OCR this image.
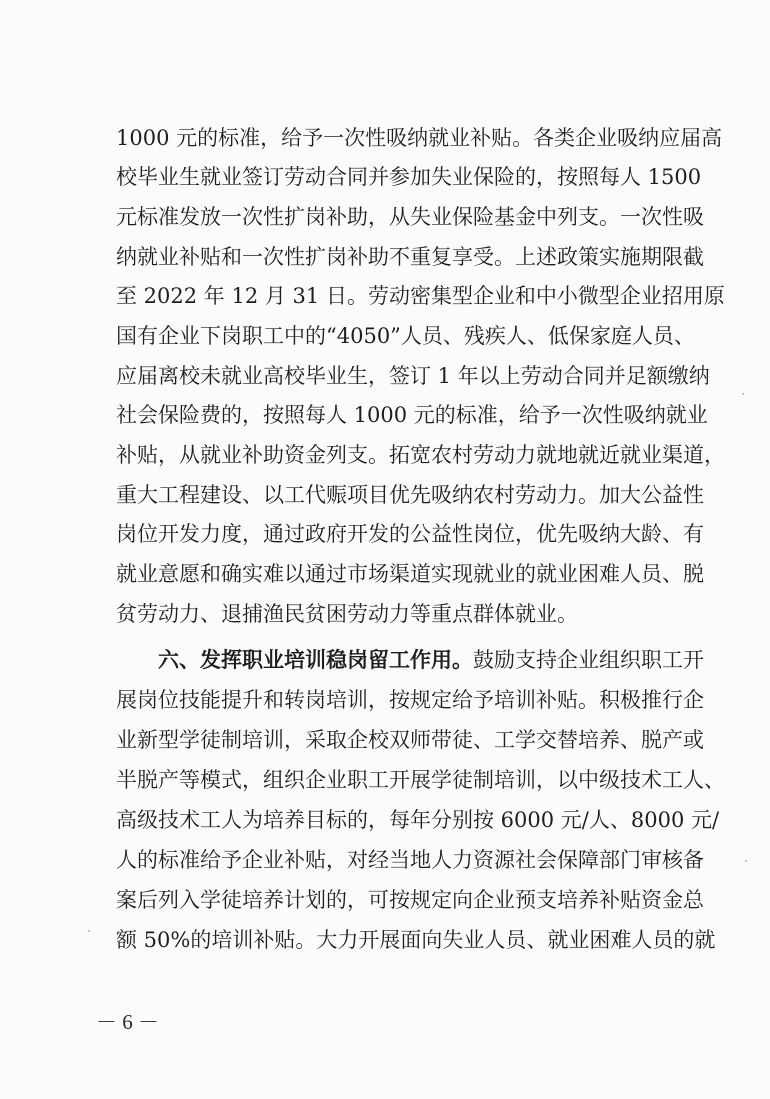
1000 元的标准，给予一次性吸纳就业补贴。各类企业吸纳应届高
校毕业生就业签订劳动合同并参加失业保险的，按照每人 1500
元标准发放一次性扩岗补助，从失业保险基金中列支。一次性吸
纳就业补贴和一次性扩岗补助不重复享受。上述政策实施期限截
至 2022 年 12 月 31 日。劳动密集型企业和中小微型企业招用原
国有企业下岗职工中的“4050”人员、残疾人、低保家庭人员、
应届离校未就业高校毕业生，签订 1 年以上劳动合同并足额缴纳
社会保险费的，按照每人 1000 元的标准，给予一次性吸纳就业
补贴，从就业补助资金列支。拓宽农村劳动力就地就近就业渠道，
重大工程建设、以工代赈项目优先吸纳农村劳动力。加大公益性
岗位开发力度，通过政府开发的公益性岗位，优先吸纳大龄、有
就业意愿和确实难以通过市场渠道实现就业的就业困难人员、脱
贫劳动力、退捕渔民贫困劳动力等重点群体就业。
六、发挥职业培训稳岗留工作用。鼓励支持企业组织职工开
展岗位技能提升和转岗培训，按规定给予培训补贴。积极推行企
业新型学徒制培训，采取企校双师带徒、工学交替培养、脱产或
半脱产等模式，组织企业职工开展学徒制培训，以中级技术工人、
高级技术工人为培养目标的，每年分别按 6000 元/人、8000 元/
人的标准给予企业补贴，对经当地人力资源社会保障部门审核备
案后列入学徒培养计划的，可按规定向企业预支培养补贴资金总
额 50%的培训补贴。大力开展面向失业人员、就业困难人员的就
－ 6 －
